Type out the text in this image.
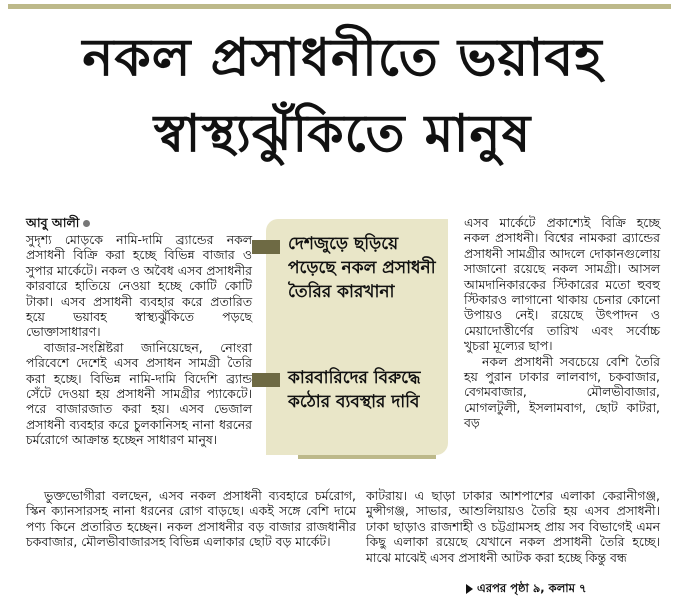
নকল প্রসাধনীতে ভয়াবহ
স্বাস্থ্যঝুঁকিতে মানুষ
আবু আলী

সুদৃশ্য মোড়কে নামি-দামি ব্র্যান্ডের নকল প্রসাধনী বিক্রি করা হচ্ছে বিভিন্ন বাজার ও সুপার মার্কেটে। নকল ও অবৈধ এসব প্রসাধনীর কারবারে হাতিয়ে নেওয়া হচ্ছে কোটি কোটি টাকা। এসব প্রসাধনী ব্যবহার করে প্রতারিত হয়ে ভয়াবহ স্বাস্থ্যঝুঁকিতে পড়ছে ভোক্তাসাধারণ।

বাজার-সংশ্লিষ্টরা জানিয়েছেন, নোংরা পরিবেশে দেশেই এসব প্রসাধন সামগ্রী তৈরি করা হচ্ছে। বিভিন্ন নামি-দামি বিদেশি ব্র্যান্ড সেঁটে দেওয়া হয় প্রসাধনী সামগ্রীর প্যাকেটে। পরে বাজারজাত করা হয়। এসব ভেজাল প্রসাধনী ব্যবহার করে চুলকানিসহ নানা ধরনের চর্মরোগে আক্রান্ত হচ্ছেন সাধারণ মানুষ।

দেশজুড়ে ছড়িয়ে পড়েছে নকল প্রসাধনী তৈরির কারখানা
কারবারিদের বিরুদ্ধে কঠোর ব্যবস্থার দাবি

এসব মার্কেটে প্রকাশ্যেই বিক্রি হচ্ছে নকল প্রসাধনী। বিশ্বের নামকরা ব্র্যান্ডের প্রসাধনী সামগ্রীর আদলে দোকানগুলোয় সাজানো রয়েছে নকল সামগ্রী। আসল আমদানিকারকের স্টিকারের মতো হুবহু স্টিকারও লাগানো থাকায় চেনার কোনো উপায়ও নেই। রয়েছে উৎপাদন ও মেয়াদোত্তীর্ণের তারিখ এবং সর্বোচ্চ খুচরা মূল্যের ছাপ।

নকল প্রসাধনী সবচেয়ে বেশি তৈরি হয় পুরান ঢাকার লালবাগ, চকবাজার, বেগমবাজার, মৌলভীবাজার, মোগলটুলী, ইসলামবাগ, ছোট কাটরা, বড়

ভুক্তভোগীরা বলছেন, এসব নকল প্রসাধনী ব্যবহারে চর্মরোগ, স্কিন ক্যানসারসহ নানা ধরনের রোগ বাড়ছে। একই সঙ্গে বেশি দামে পণ্য কিনে প্রতারিত হচ্ছেন। নকল প্রসাধনীর বড় বাজার রাজধানীর চকবাজার, মৌলভীবাজারসহ বিভিন্ন এলাকার ছোট বড় মার্কেট।

কাটরায়। এ ছাড়া ঢাকার আশপাশের এলাকা কেরানীগঞ্জ, মুন্সীগঞ্জ, সাভার, আশুলিয়ায়ও তৈরি হয় এসব প্রসাধনী। ঢাকা ছাড়াও রাজশাহী ও চট্টগ্রামসহ প্রায় সব বিভাগেই এমন কিছু এলাকা রয়েছে যেখানে নকল প্রসাধনী তৈরি হচ্ছে। মাঝে মাঝেই এসব প্রসাধনী আটক করা হচ্ছে কিন্তু বন্ধ

এরপর পৃষ্ঠা ৯, কলাম ৭
